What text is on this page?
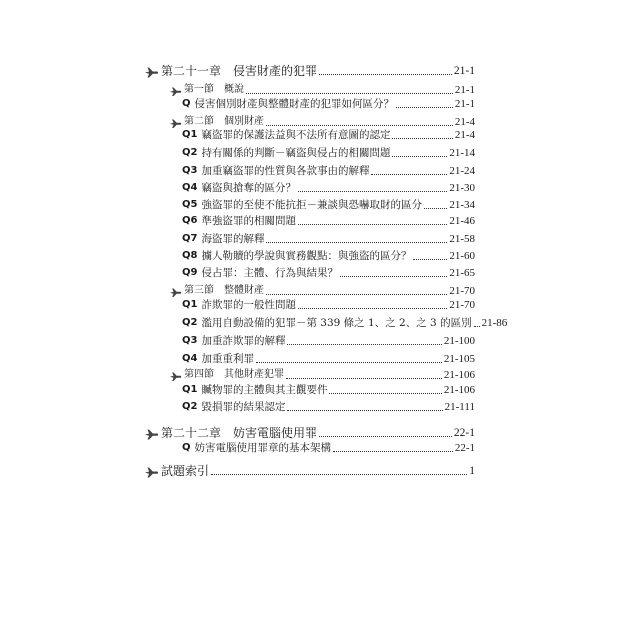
第二十一章　侵害財產的犯罪	21-1
第一節　概說	21-1
Q 侵害個別財產與整體財產的犯罪如何區分？	21-1
第二節　個別財產	21-4
Q1 竊盜罪的保護法益與不法所有意圖的認定	21-4
Q2 持有關係的判斷－竊盜與侵占的相關問題	21-14
Q3 加重竊盜罪的性質與各款事由的解釋	21-24
Q4 竊盜與搶奪的區分？	21-30
Q5 強盜罪的至使不能抗拒－兼談與恐嚇取財的區分 21-34
Q6 準強盜罪的相關問題	21-46
Q7 海盜罪的解釋	21-58
Q8 擄人勒贖的學說與實務觀點：與強盜的區分？	21-60
Q9 侵占罪：主體、行為與結果？	21-65
第三節　整體財產	21-70
Q1 詐欺罪的一般性問題	21-70
Q2 濫用自動設備的犯罪－第 339 條之 1、之 2、之 3 的區別 21-86
Q3 加重詐欺罪的解釋	21-100
Q4 加重重利罪	21-105
第四節　其他財產犯罪	21-106
Q1 贓物罪的主體與其主觀要件	21-106
Q2 毀損罪的結果認定	21-111
第二十二章　妨害電腦使用罪	22-1
Q 妨害電腦使用罪章的基本架構	22-1
試題索引	1
